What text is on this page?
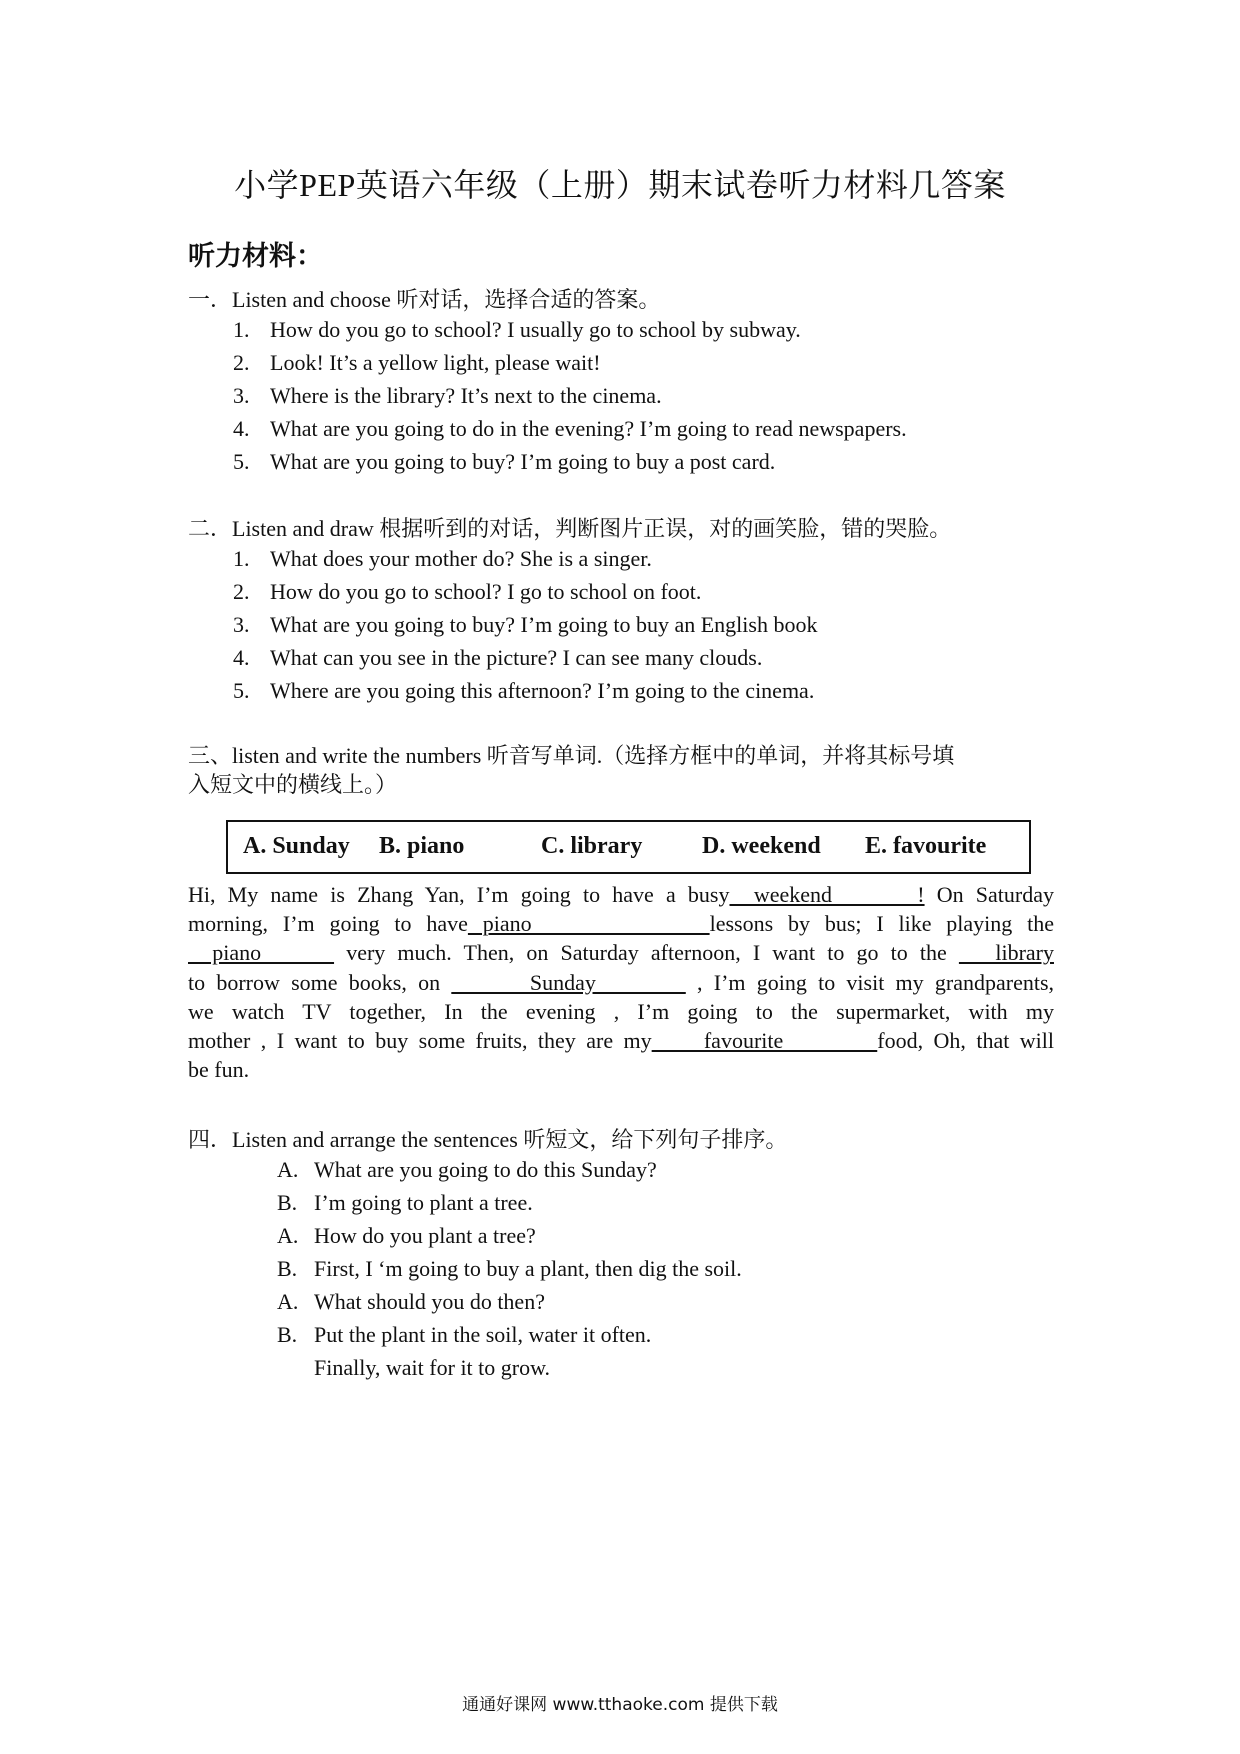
小学PEP英语六年级（上册）期末试卷听力材料几答案
听力材料：
一．Listen and choose 听对话，选择合适的答案。
1. How do you go to school? I usually go to school by subway.
2. Look! It’s a yellow light, please wait!
3. Where is the library? It’s next to the cinema.
4. What are you going to do in the evening? I’m going to read newspapers.
5. What are you going to buy? I’m going to buy a post card.
二．Listen and draw 根据听到的对话，判断图片正误，对的画笑脸，错的哭脸。
1. What does your mother do? She is a singer.
2. How do you go to school? I go to school on foot.
3. What are you going to buy? I’m going to buy an English book
4. What can you see in the picture? I can see many clouds.
5. Where are you going this afternoon? I’m going to the cinema.
三、listen and write the numbers 听音写单词.（选择方框中的单词，并将其标号填
入短文中的横线上。）
A. Sunday B. piano	C. library D. weekend E. favourite
Hi, My name is Zhang Yan, I’m going to have a busy  weekend       ! On Saturday
morning, I’m going to have piano            lessons by bus; I like playing the
piano       very much. Then, on Saturday afternoon, I want to go to the    library
to borrow some books, on        Sunday         , I’m going to visit my grandparents,
we watch TV together, In the evening , I’m going to the supermarket, with my
mother , I want to buy some fruits, they are my     favourite         food, Oh, that will
be fun.
四．Listen and arrange the sentences 听短文，给下列句子排序。
A. What are you going to do this Sunday?
B. I’m going to plant a tree.
A. How do you plant a tree?
B. First, I ‘m going to buy a plant, then dig the soil.
A. What should you do then?
B. Put the plant in the soil, water it often.
Finally, wait for it to grow.
通通好课网 www.tthaoke.com 提供下载
